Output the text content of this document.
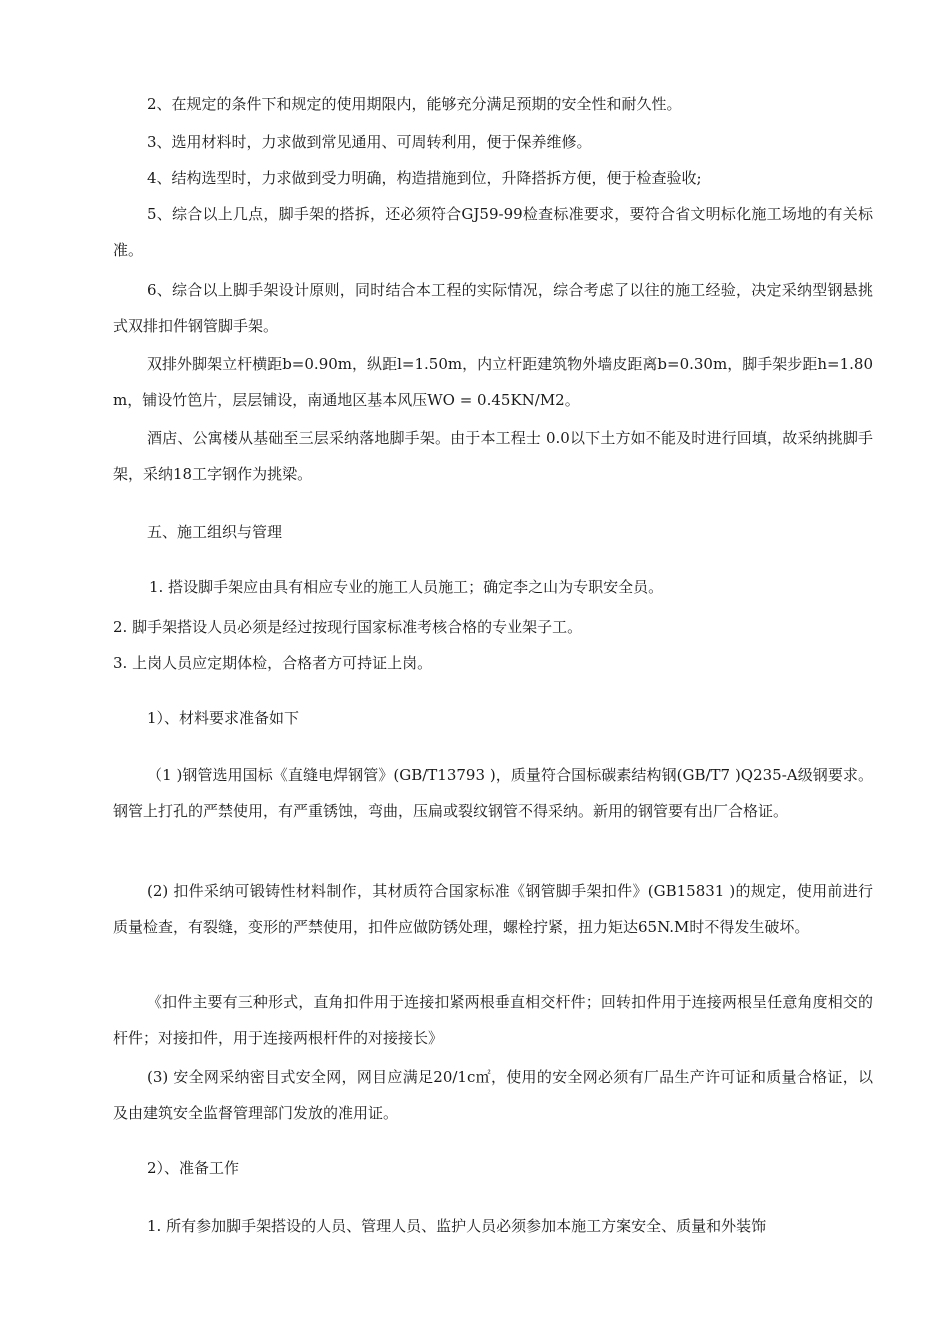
2、在规定的条件下和规定的使用期限内，能够充分满足预期的安全性和耐久性。

3、选用材料时，力求做到常见通用、可周转利用，便于保养维修。

4、结构选型时，力求做到受力明确，构造措施到位，升降搭拆方便，便于检查验收;

5、综合以上几点，脚手架的搭拆，还必须符合GJ59-99检查标准要求，要符合省文明标化施工场地的有关标准。

6、综合以上脚手架设计原则，同时结合本工程的实际情况，综合考虑了以往的施工经验，决定采纳型钢悬挑式双排扣件钢管脚手架。

双排外脚架立杆横距b=0.90m，纵距l=1.50m，内立杆距建筑物外墙皮距离b=0.30m，脚手架步距h=1.80m，铺设竹笆片，层层铺设，南通地区基本风压WO = 0.45KN/M2。

酒店、公寓楼从基础至三层采纳落地脚手架。由于本工程士 0.0以下土方如不能及时进行回填，故采纳挑脚手架，采纳18工字钢作为挑梁。

五、施工组织与管理

1. 搭设脚手架应由具有相应专业的施工人员施工；确定李之山为专职安全员。

2. 脚手架搭设人员必须是经过按现行国家标准考核合格的专业架子工。

3. 上岗人员应定期体检，合格者方可持证上岗。

1）、材料要求准备如下

（1 )钢管选用国标《直缝电焊钢管》(GB/T13793 )，质量符合国标碳素结构钢(GB/T7 )Q235-A级钢要求。钢管上打孔的严禁使用，有严重锈蚀，弯曲，压扁或裂纹钢管不得采纳。新用的钢管要有出厂合格证。

(2) 扣件采纳可锻铸性材料制作，其材质符合国家标准《钢管脚手架扣件》(GB15831 )的规定，使用前进行质量检查，有裂缝，变形的严禁使用，扣件应做防锈处理，螺栓拧紧，扭力矩达65N.M时不得发生破坏。

《扣件主要有三种形式，直角扣件用于连接扣紧两根垂直相交杆件；回转扣件用于连接两根呈任意角度相交的杆件；对接扣件，用于连接两根杆件的对接接长》

(3) 安全网采纳密目式安全网，网目应满足20/1c㎡，使用的安全网必须有厂品生产许可证和质量合格证，以及由建筑安全监督管理部门发放的准用证。

2）、准备工作

1. 所有参加脚手架搭设的人员、管理人员、监护人员必须参加本施工方案安全、质量和外装饰
